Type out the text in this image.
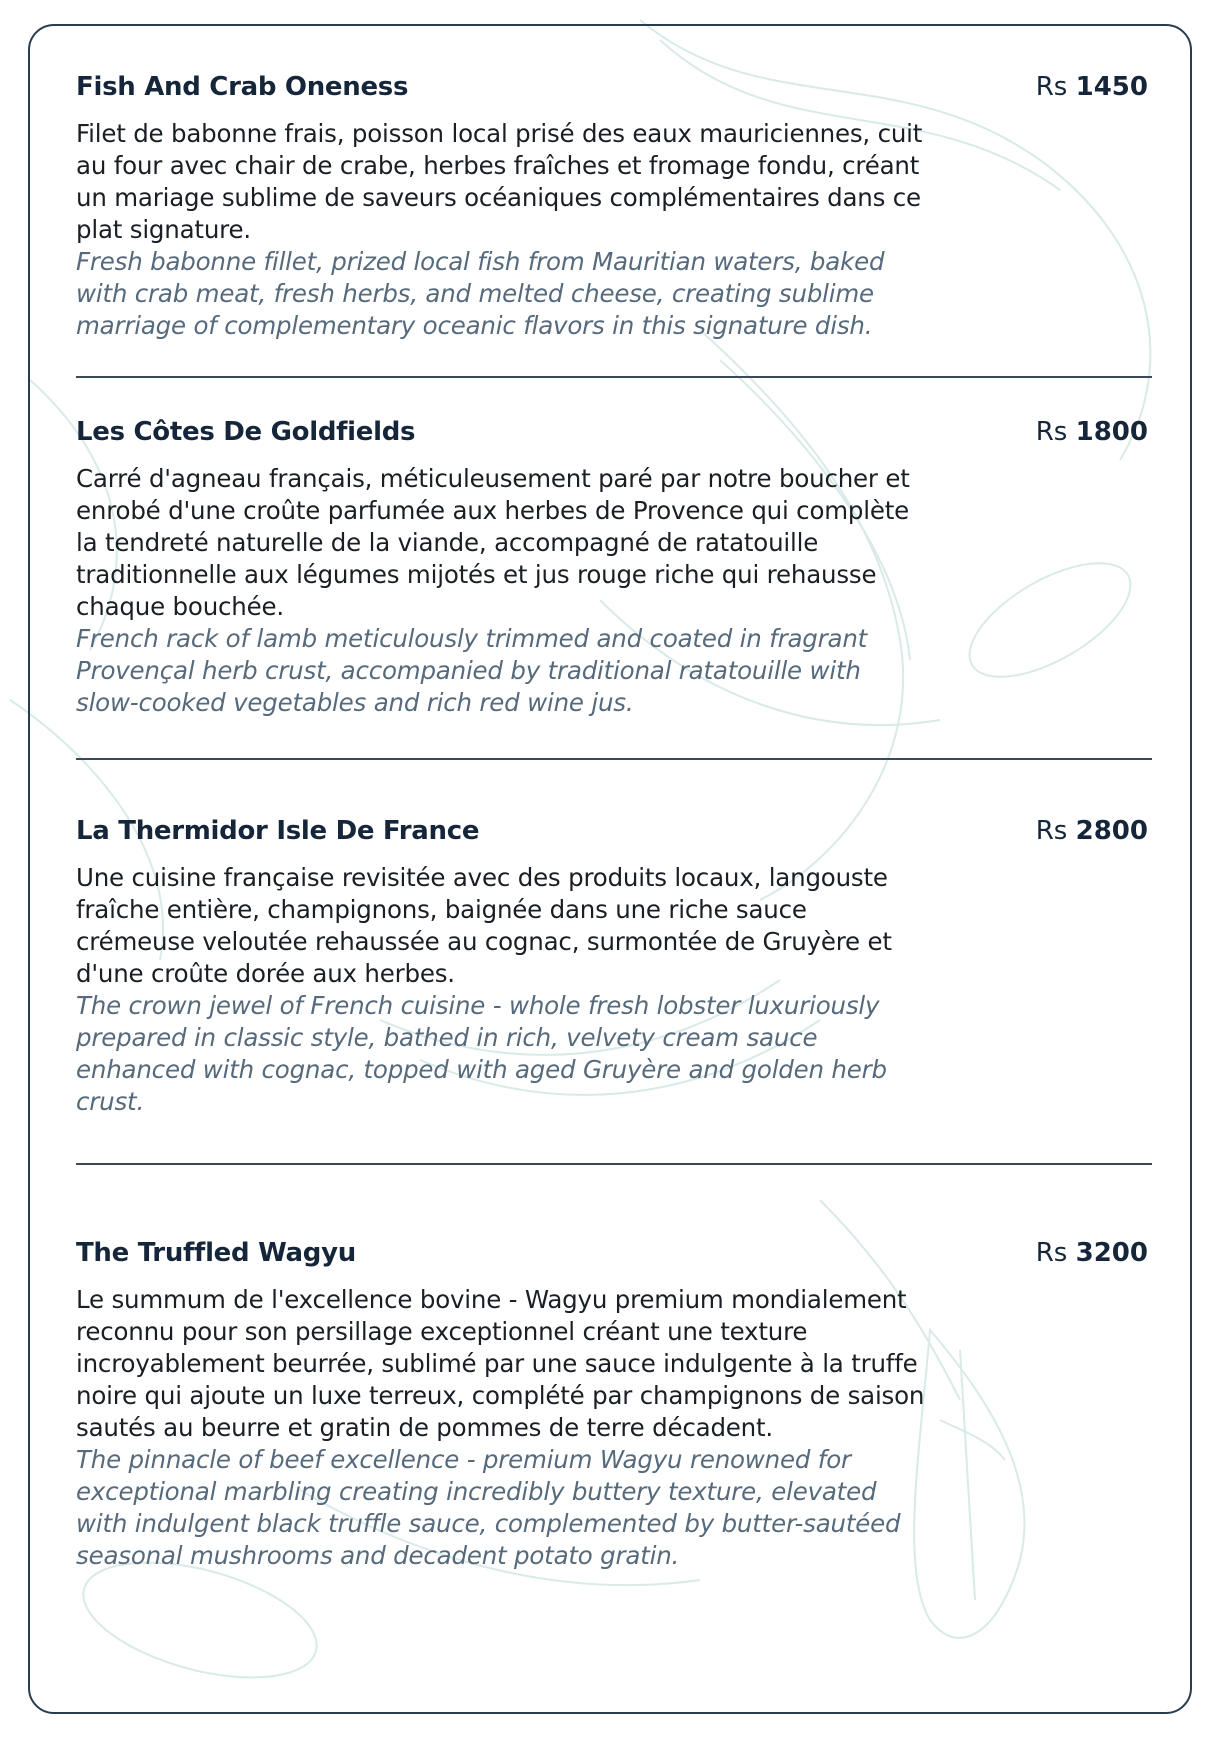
Fish And Crab Oneness	Rs 1450
Filet de babonne frais, poisson local prisé des eaux mauriciennes, cuit au four avec chair de crabe, herbes fraîches et fromage fondu, créant un mariage sublime de saveurs océaniques complémentaires dans ce plat signature.
Fresh babonne fillet, prized local fish from Mauritian waters, baked with crab meat, fresh herbs, and melted cheese, creating sublime marriage of complementary oceanic flavors in this signature dish.
Les Côtes De Goldfields	Rs 1800
Carré d'agneau français, méticuleusement paré par notre boucher et enrobé d'une croûte parfumée aux herbes de Provence qui complète la tendreté naturelle de la viande, accompagné de ratatouille traditionnelle aux légumes mijotés et jus rouge riche qui rehausse chaque bouchée.
French rack of lamb meticulously trimmed and coated in fragrant Provençal herb crust, accompanied by traditional ratatouille with slow-cooked vegetables and rich red wine jus.
La Thermidor Isle De France	Rs 2800
Une cuisine française revisitée avec des produits locaux, langouste fraîche entière, champignons, baignée dans une riche sauce crémeuse veloutée rehaussée au cognac, surmontée de Gruyère et d'une croûte dorée aux herbes.
The crown jewel of French cuisine - whole fresh lobster luxuriously prepared in classic style, bathed in rich, velvety cream sauce enhanced with cognac, topped with aged Gruyère and golden herb crust.
The Truffled Wagyu	Rs 3200
Le summum de l'excellence bovine - Wagyu premium mondialement reconnu pour son persillage exceptionnel créant une texture incroyablement beurrée, sublimé par une sauce indulgente à la truffe noire qui ajoute un luxe terreux, complété par champignons de saison sautés au beurre et gratin de pommes de terre décadent.
The pinnacle of beef excellence - premium Wagyu renowned for exceptional marbling creating incredibly buttery texture, elevated with indulgent black truffle sauce, complemented by butter-sautéed seasonal mushrooms and decadent potato gratin.
